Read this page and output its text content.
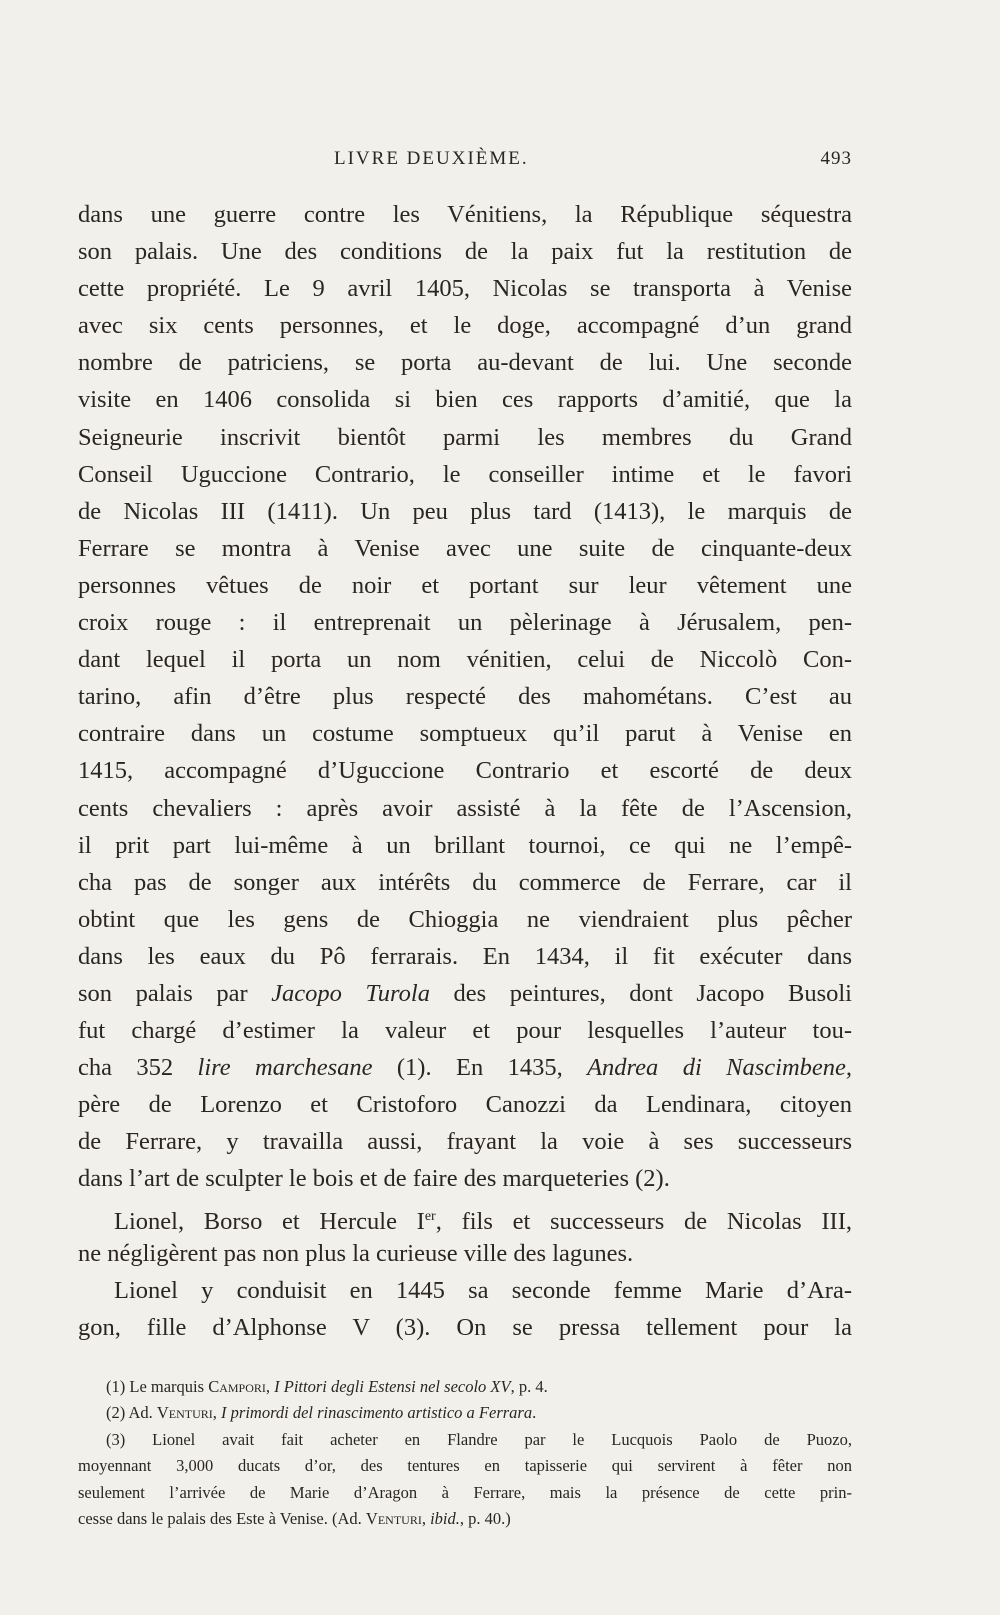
LIVRE DEUXIÈME.	493
dans une guerre contre les Vénitiens, la République séquestra
son palais. Une des conditions de la paix fut la restitution de
cette propriété. Le 9 avril 1405, Nicolas se transporta à Venise
avec six cents personnes, et le doge, accompagné d’un grand
nombre de patriciens, se porta au-devant de lui. Une seconde
visite en 1406 consolida si bien ces rapports d’amitié, que la
Seigneurie inscrivit bientôt parmi les membres du Grand
Conseil Uguccione Contrario, le conseiller intime et le favori
de Nicolas III (1411). Un peu plus tard (1413), le marquis de
Ferrare se montra à Venise avec une suite de cinquante-deux
personnes vêtues de noir et portant sur leur vêtement une
croix rouge : il entreprenait un pèlerinage à Jérusalem, pen-
dant lequel il porta un nom vénitien, celui de Niccolò Con-
tarino, afin d’être plus respecté des mahométans. C’est au
contraire dans un costume somptueux qu’il parut à Venise en
1415, accompagné d’Uguccione Contrario et escorté de deux
cents chevaliers : après avoir assisté à la fête de l’Ascension,
il prit part lui-même à un brillant tournoi, ce qui ne l’empê-
cha pas de songer aux intérêts du commerce de Ferrare, car il
obtint que les gens de Chioggia ne viendraient plus pêcher
dans les eaux du Pô ferrarais. En 1434, il fit exécuter dans
son palais par Jacopo Turola des peintures, dont Jacopo Busoli
fut chargé d’estimer la valeur et pour lesquelles l’auteur tou-
cha 352 lire marchesane (1). En 1435, Andrea di Nascimbene,
père de Lorenzo et Cristoforo Canozzi da Lendinara, citoyen
de Ferrare, y travailla aussi, frayant la voie à ses successeurs
dans l’art de sculpter le bois et de faire des marqueteries (2).
Lionel, Borso et Hercule Ier, fils et successeurs de Nicolas III,
ne négligèrent pas non plus la curieuse ville des lagunes.
Lionel y conduisit en 1445 sa seconde femme Marie d’Ara-
gon, fille d’Alphonse V (3). On se pressa tellement pour la
(1) Le marquis Campori, I Pittori degli Estensi nel secolo XV, p. 4.
(2) Ad. Venturi, I primordi del rinascimento artistico a Ferrara.
(3) Lionel avait fait acheter en Flandre par le Lucquois Paolo de Puozo,
moyennant 3,000 ducats d’or, des tentures en tapisserie qui servirent à fêter non
seulement l’arrivée de Marie d’Aragon à Ferrare, mais la présence de cette prin-
cesse dans le palais des Este à Venise. (Ad. Venturi, ibid., p. 40.)
